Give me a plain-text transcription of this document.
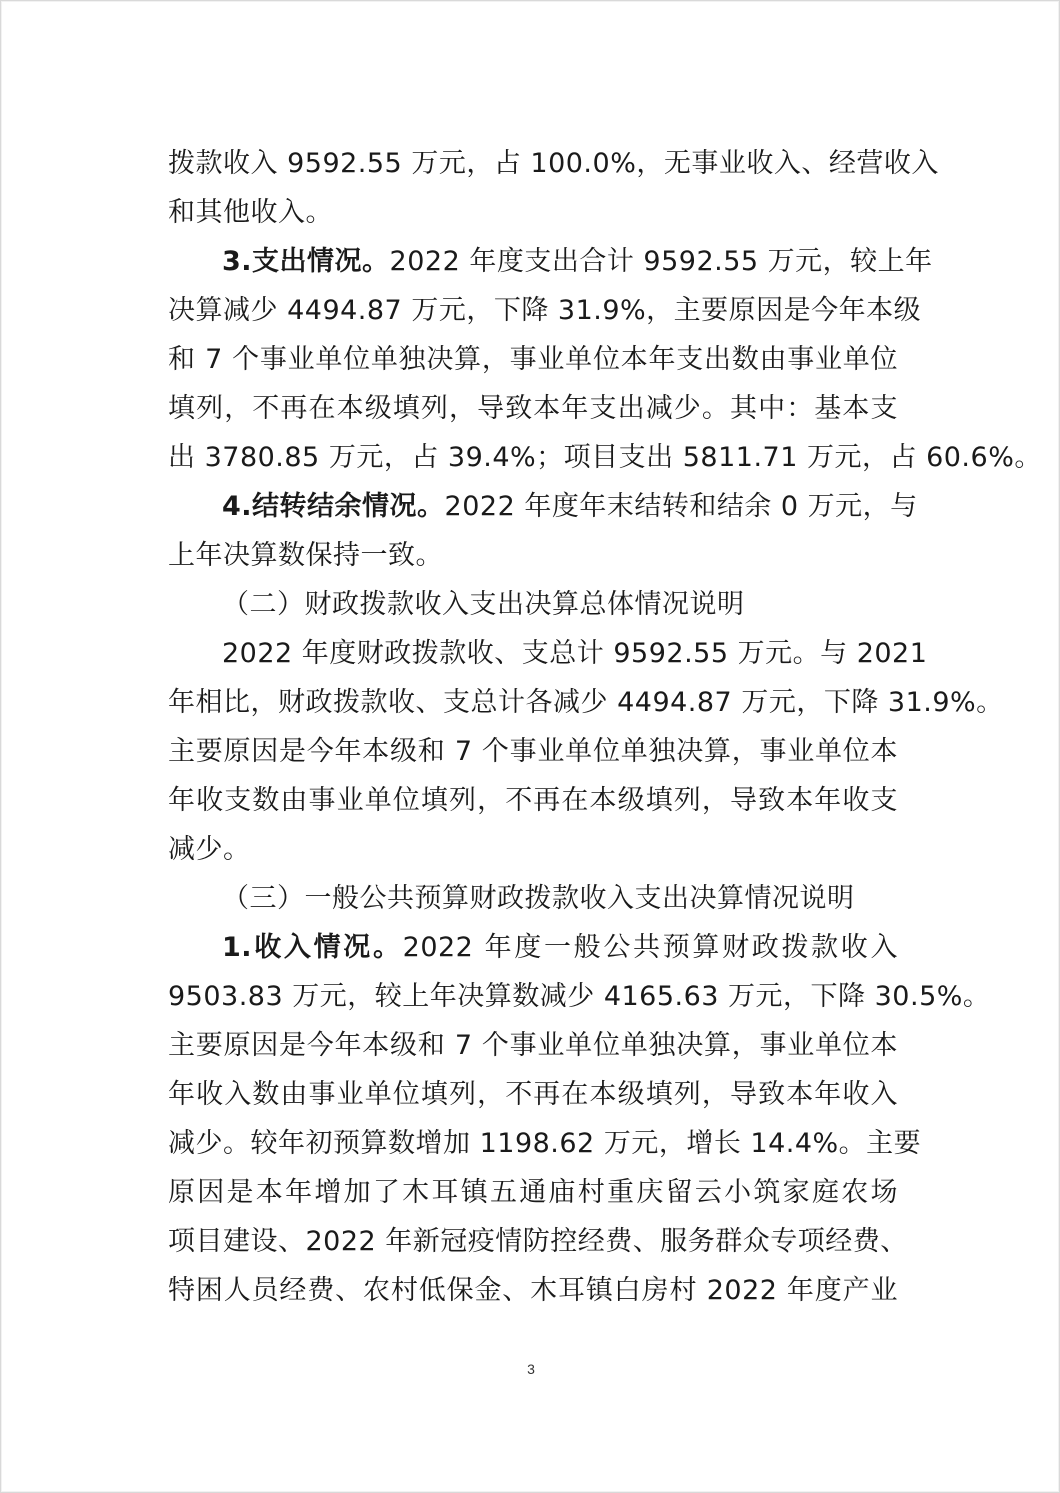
拨款收入 9592.55 万元，占 100.0%，无事业收入、经营收入
和其他收入。
3.支出情况。2022 年度支出合计 9592.55 万元，较上年
决算减少 4494.87 万元，下降 31.9%，主要原因是今年本级
和 7 个事业单位单独决算，事业单位本年支出数由事业单位
填列，不再在本级填列，导致本年支出减少。其中：基本支
出 3780.85 万元，占 39.4%；项目支出 5811.71 万元，占 60.6%。
4.结转结余情况。2022 年度年末结转和结余 0 万元，与
上年决算数保持一致。
（二）财政拨款收入支出决算总体情况说明
2022 年度财政拨款收、支总计 9592.55 万元。与 2021
年相比，财政拨款收、支总计各减少 4494.87 万元，下降 31.9%。
主要原因是今年本级和 7 个事业单位单独决算，事业单位本
年收支数由事业单位填列，不再在本级填列，导致本年收支
减少。
（三）一般公共预算财政拨款收入支出决算情况说明
1.收入情况。2022 年度一般公共预算财政拨款收入
9503.83 万元，较上年决算数减少 4165.63 万元，下降 30.5%。
主要原因是今年本级和 7 个事业单位单独决算，事业单位本
年收入数由事业单位填列，不再在本级填列，导致本年收入
减少。较年初预算数增加 1198.62 万元，增长 14.4%。主要
原因是本年增加了木耳镇五通庙村重庆留云小筑家庭农场
项目建设、2022 年新冠疫情防控经费、服务群众专项经费、
特困人员经费、农村低保金、木耳镇白房村 2022 年度产业
3
